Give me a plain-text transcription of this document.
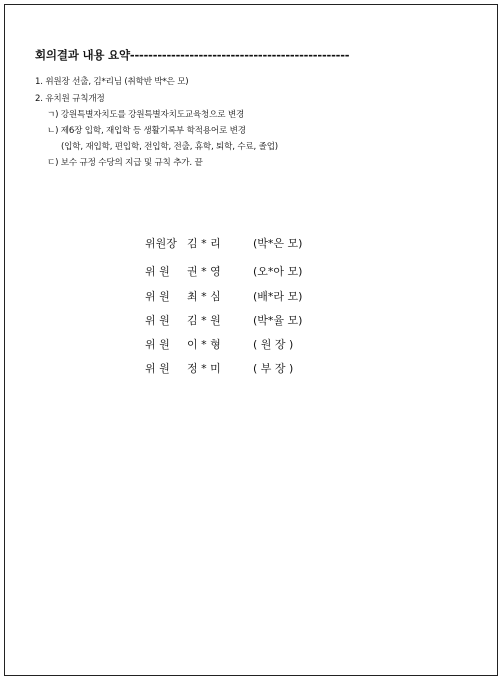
회의결과 내용 요약------------------------------------------------
1. 위원장 선출, 김*리님 (취학반 박*은 모)
2. 유치원 규칙개정
ㄱ) 강원특별자치도를 강원특별자치도교육청으로 변경
ㄴ) 제6장 입학, 재입학 등 생활기록부 학적용어로 변경
(입학, 재입학, 편입학, 전입학, 전출, 휴학, 퇴학, 수료, 졸업)
ㄷ) 보수 규정 수당의 지급 및 규칙 추가. 끝
위원장 김 * 리	(박*은 모)
위 원 권 * 영	(오*아 모)
위 원 최 * 심	(배*라 모)
위 원 김 * 원	(박*율 모)
위 원 이 * 형	( 원 장 )
위 원 정 * 미	( 부 장 )
